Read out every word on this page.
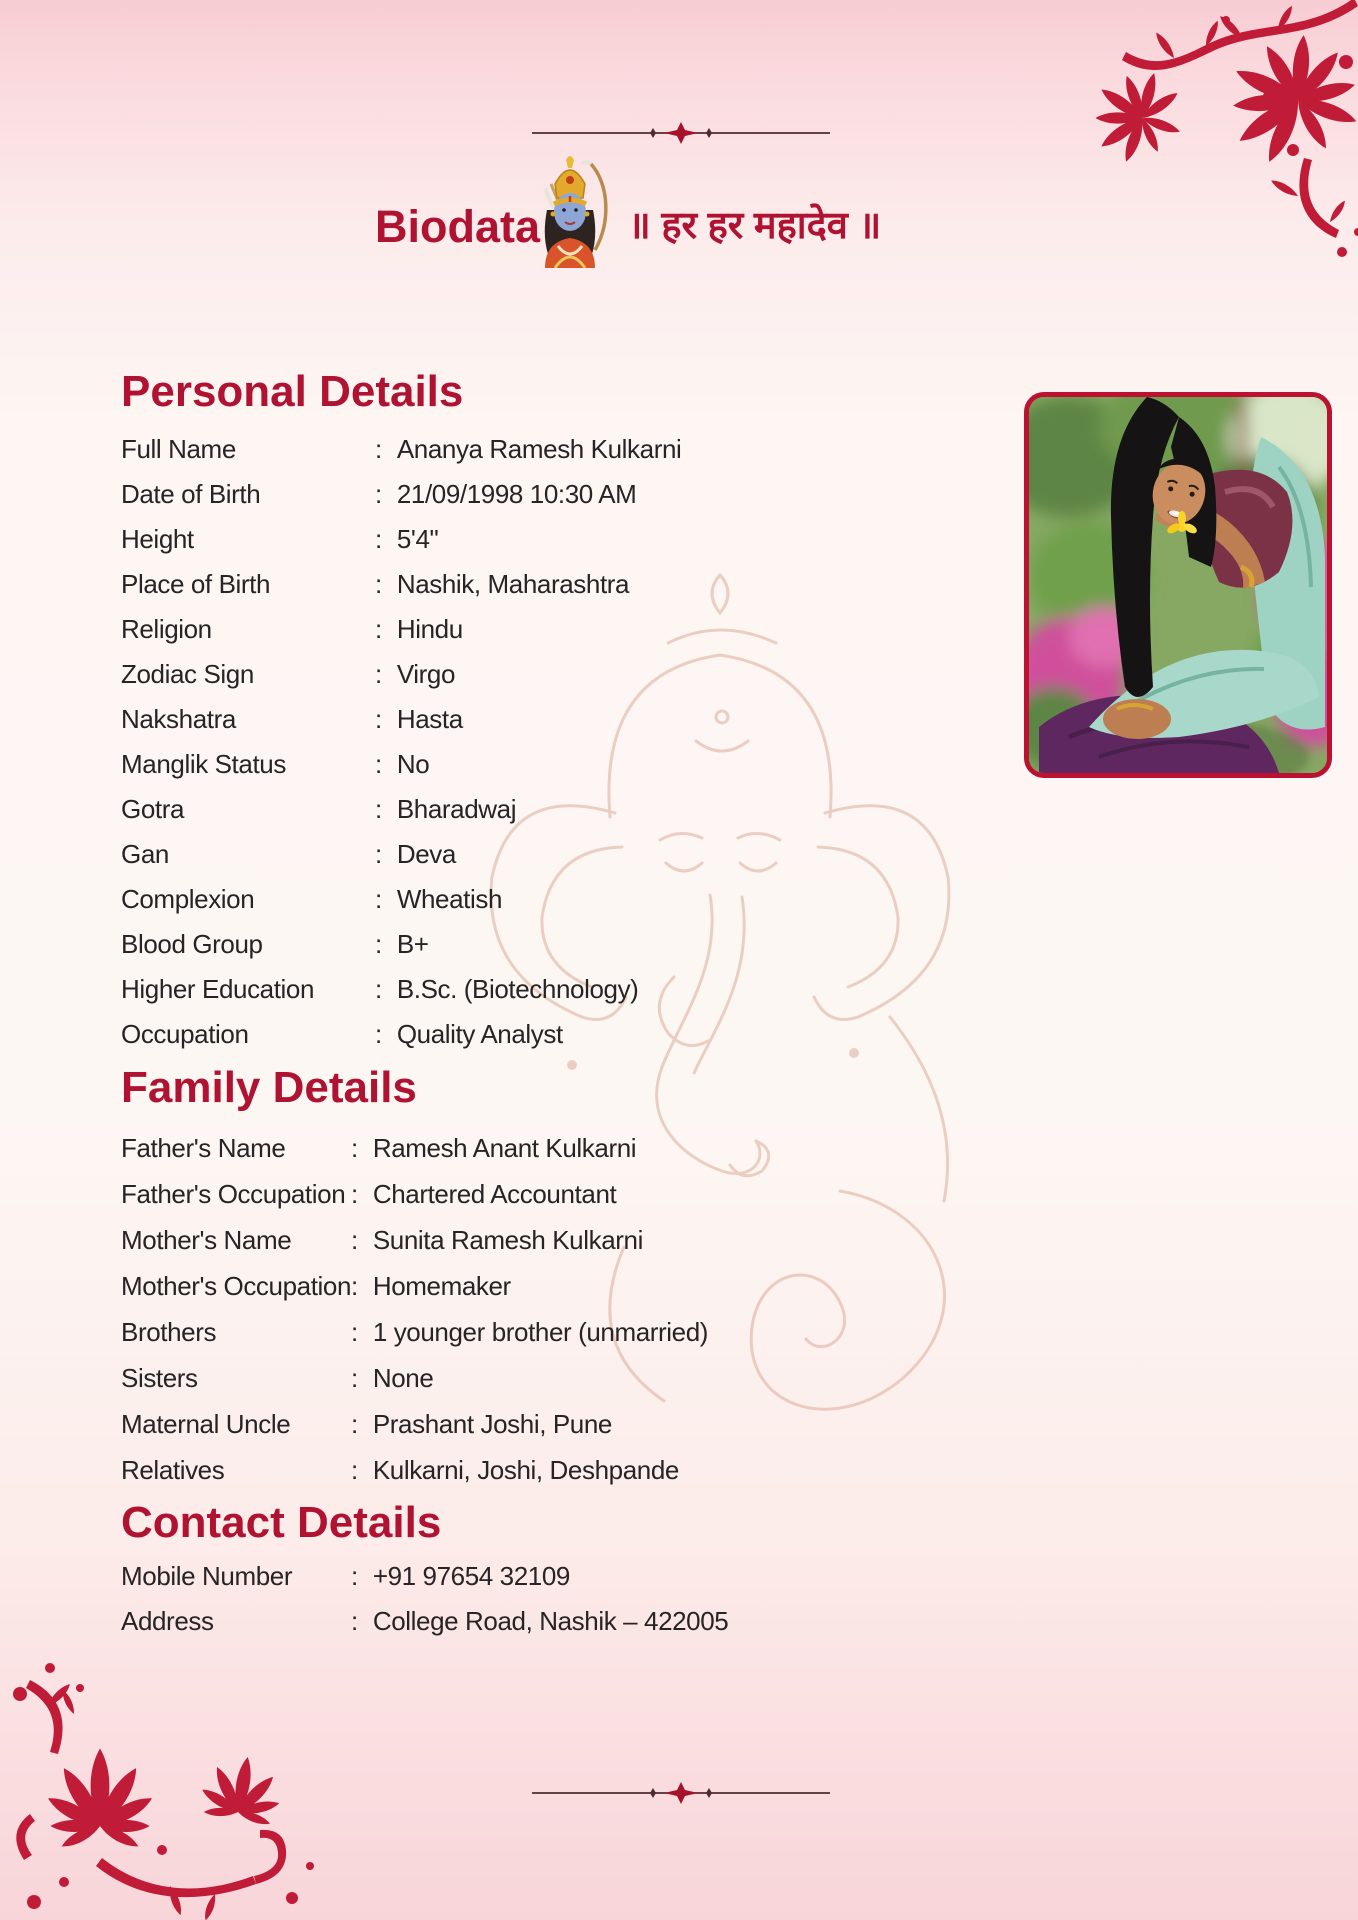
Biodata ॥ हर हर महादेव ॥
Personal Details
Full Name	: Ananya Ramesh Kulkarni
Date of Birth	: 21/09/1998 10:30 AM
Height	: 5'4"
Place of Birth	: Nashik, Maharashtra
Religion	: Hindu
Zodiac Sign	: Virgo
Nakshatra	: Hasta
Manglik Status	: No
Gotra	: Bharadwaj
Gan	: Deva
Complexion	: Wheatish
Blood Group	: B+
Higher Education	: B.Sc. (Biotechnology)
Occupation	: Quality Analyst
Family Details
Father's Name	: Ramesh Anant Kulkarni
Father's Occupation : Chartered Accountant
Mother's Name	: Sunita Ramesh Kulkarni
Mother's Occupation : Homemaker
Brothers	: 1 younger brother (unmarried)
Sisters	: None
Maternal Uncle	: Prashant Joshi, Pune
Relatives	: Kulkarni, Joshi, Deshpande
Contact Details
Mobile Number	: +91 97654 32109
Address	: College Road, Nashik – 422005
